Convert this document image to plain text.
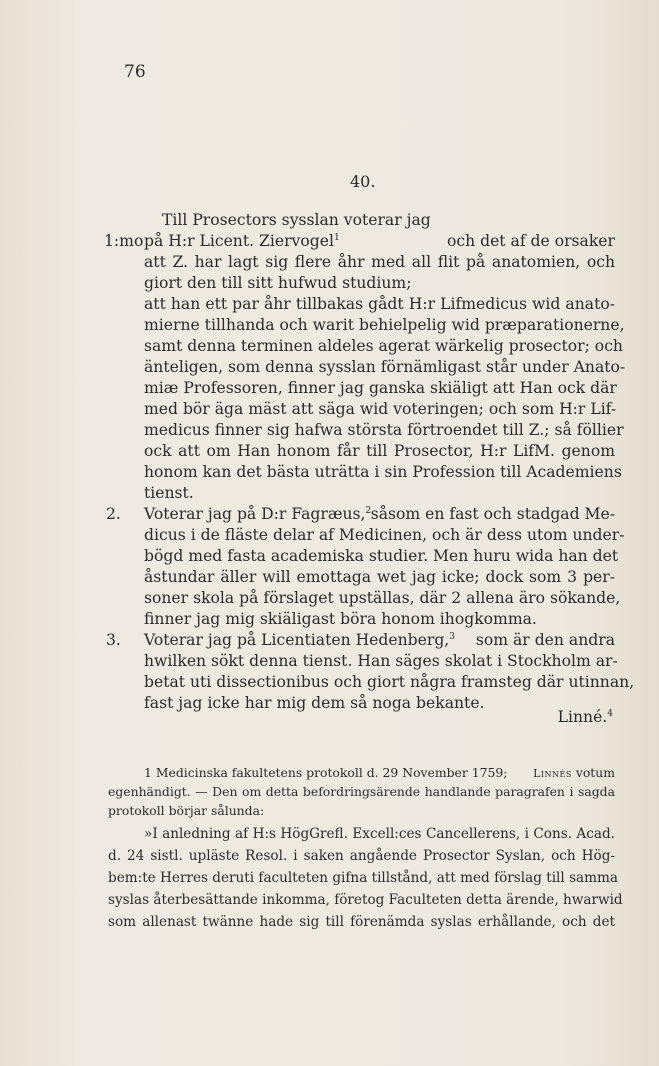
76
40.
Till Prosectors sysslan voterar jag
1:mo på H:r Licent. Ziervogel$^1$	och det af de orsaker
att Z. har lagt sig flere åhr med all flit på anatomien, och
giort den till sitt hufwud studium;
att han ett par åhr tillbakas gådt H:r Lifmedicus wid anato-
mierne tillhanda och warit behielpelig wid præparationerne,
samt denna terminen aldeles agerat wärkelig prosector; och
änteligen, som denna sysslan förnämligast står under Anato-
miæ Professoren, finner jag ganska skiäligt att Han ock där
med bör äga mäst att säga wid voteringen; och som H:r Lif-
medicus finner sig hafwa största förtroendet till Z.; så föllier
ock att om Han honom får till Prosector, H:r LifM. genom
honom kan det bästa uträtta i sin Profession till Academiens
tienst.
2. Voterar jag på D:r Fagræus,$^2$ såsom en fast och stadgad Me-
dicus i de fläste delar af Medicinen, och är dess utom under-
bögd med fasta academiska studier. Men huru wida han det
åstundar äller will emottaga wet jag icke; dock som 3 per-
soner skola på förslaget upställas, där 2 allena äro sökande,
finner jag mig skiäligast böra honom ihogkomma.
3. Voterar jag på Licentiaten Hedenberg,$^3$ som är den andra
hwilken sökt denna tienst. Han säges skolat i Stockholm ar-
betat uti dissectionibus och giort några framsteg där utinnan,
fast jag icke har mig dem så noga bekante.
Linné.$^4$
1 Medicinska fakultetens protokoll d. 29 November 1759; Linnés votum
egenhändigt. — Den om detta befordringsärende handlande paragrafen i sagda
protokoll börjar sålunda:
»I anledning af H:s HögGrefl. Excell:ces Cancellerens, i Cons. Acad.
d. 24 sistl. upläste Resol. i saken angående Prosector Syslan, och Hög-
bem:te Herres deruti faculteten gifna tillstånd, att med förslag till samma
syslas återbesättande inkomma, företog Faculteten detta ärende, hwarwid
som allenast twänne hade sig till förenämda syslas erhållande, och det
